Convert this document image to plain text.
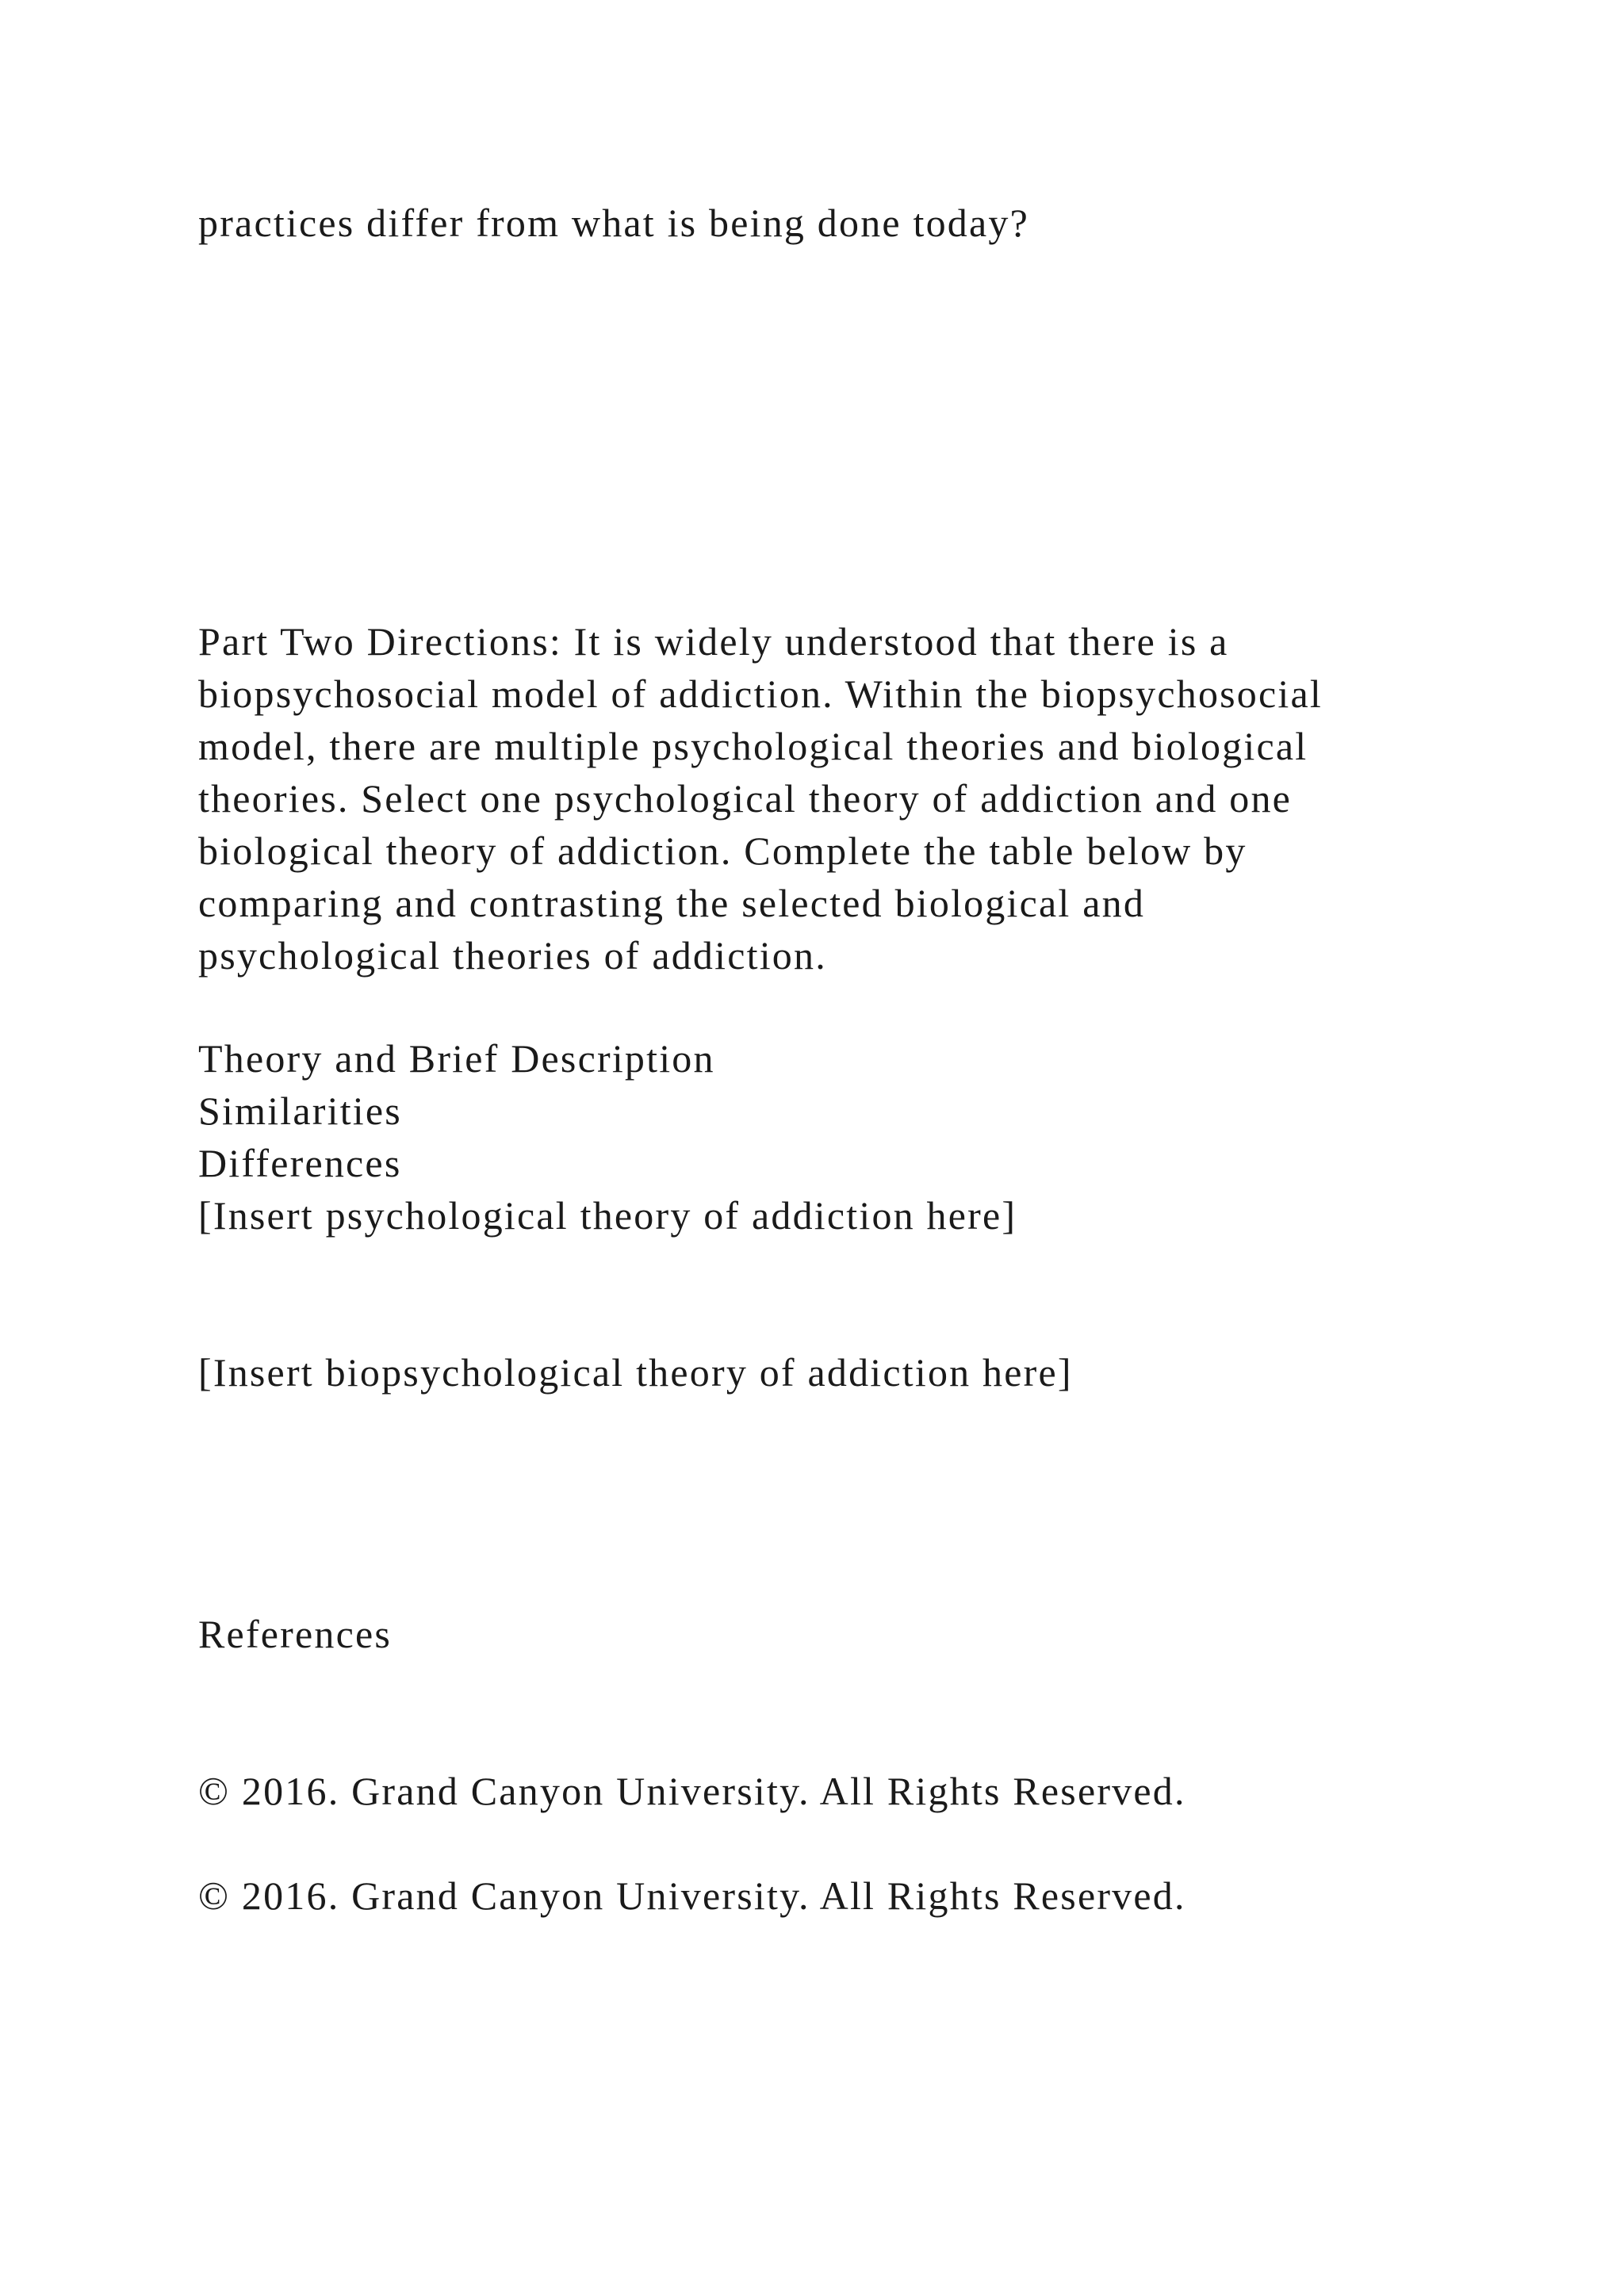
practices differ from what is being done today?

Part Two Directions: It is widely understood that there is a
biopsychosocial model of addiction. Within the biopsychosocial
model, there are multiple psychological theories and biological
theories. Select one psychological theory of addiction and one
biological theory of addiction. Complete the table below by
comparing and contrasting the selected biological and
psychological theories of addiction.
Theory and Brief Description
Similarities
Differences
[Insert psychological theory of addiction here]

[Insert biopsychological theory of addiction here]

References

© 2016. Grand Canyon University. All Rights Reserved.

© 2016. Grand Canyon University. All Rights Reserved.
